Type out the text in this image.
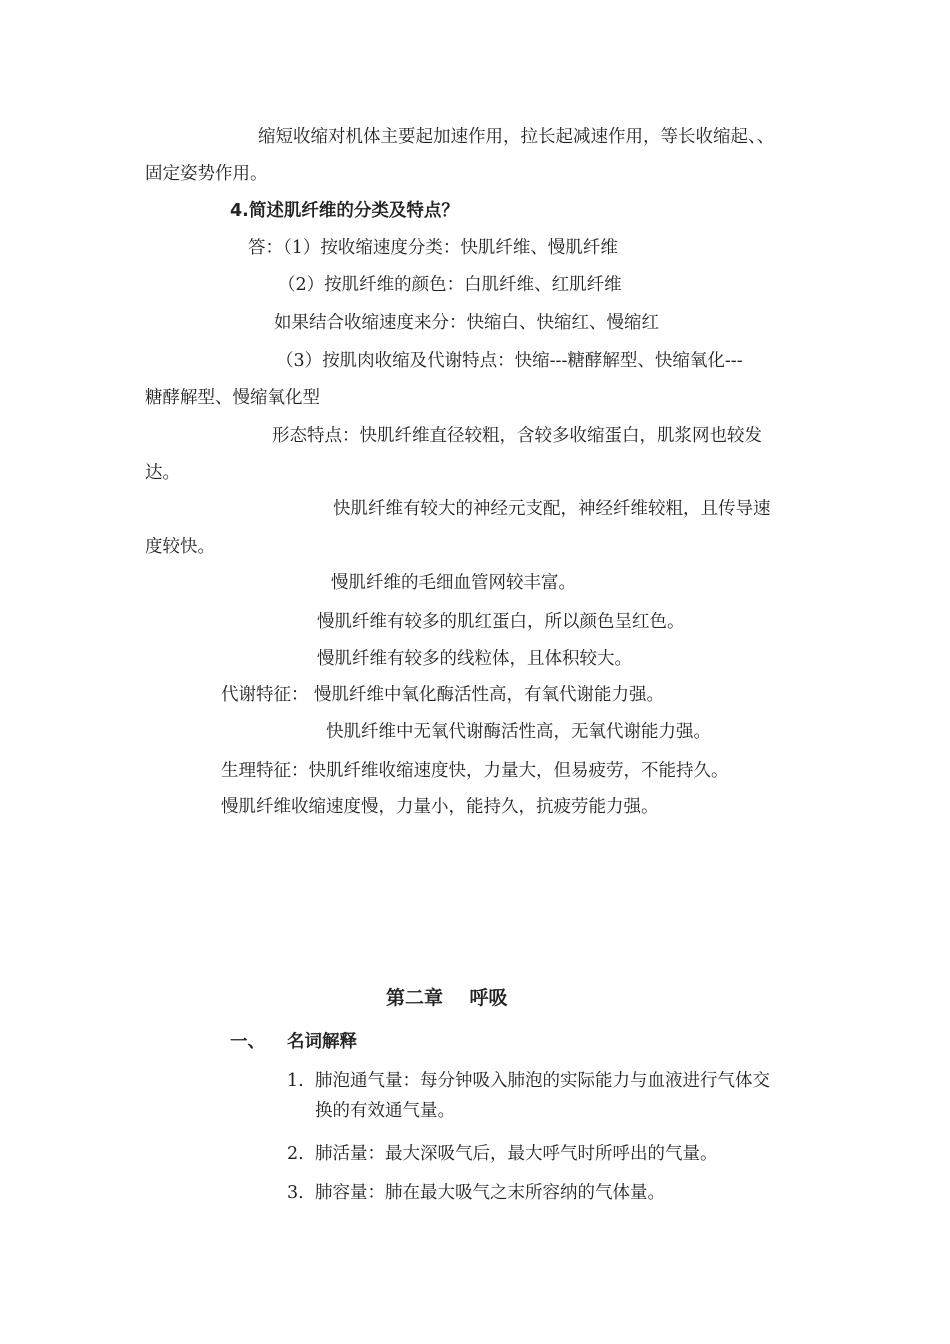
缩短收缩对机体主要起加速作用，拉长起减速作用，等长收缩起、、
固定姿势作用。
4.简述肌纤维的分类及特点？
答：（1）按收缩速度分类：快肌纤维、慢肌纤维
（2）按肌纤维的颜色：白肌纤维、红肌纤维
如果结合收缩速度来分：快缩白、快缩红、慢缩红
（3）按肌肉收缩及代谢特点：快缩---糖酵解型、快缩氧化---
糖酵解型、慢缩氧化型
形态特点：快肌纤维直径较粗，含较多收缩蛋白，肌浆网也较发
达。
快肌纤维有较大的神经元支配，神经纤维较粗，且传导速
度较快。
慢肌纤维的毛细血管网较丰富。
慢肌纤维有较多的肌红蛋白，所以颜色呈红色。
慢肌纤维有较多的线粒体，且体积较大。
代谢特征： 慢肌纤维中氧化酶活性高，有氧代谢能力强。
快肌纤维中无氧代谢酶活性高，无氧代谢能力强。
生理特征：快肌纤维收缩速度快，力量大，但易疲劳，不能持久。
慢肌纤维收缩速度慢，力量小，能持久，抗疲劳能力强。
第二章    呼吸
一、 名词解释
1. 肺泡通气量：每分钟吸入肺泡的实际能力与血液进行气体交
换的有效通气量。
2. 肺活量：最大深吸气后，最大呼气时所呼出的气量。
3. 肺容量：肺在最大吸气之末所容纳的气体量。
